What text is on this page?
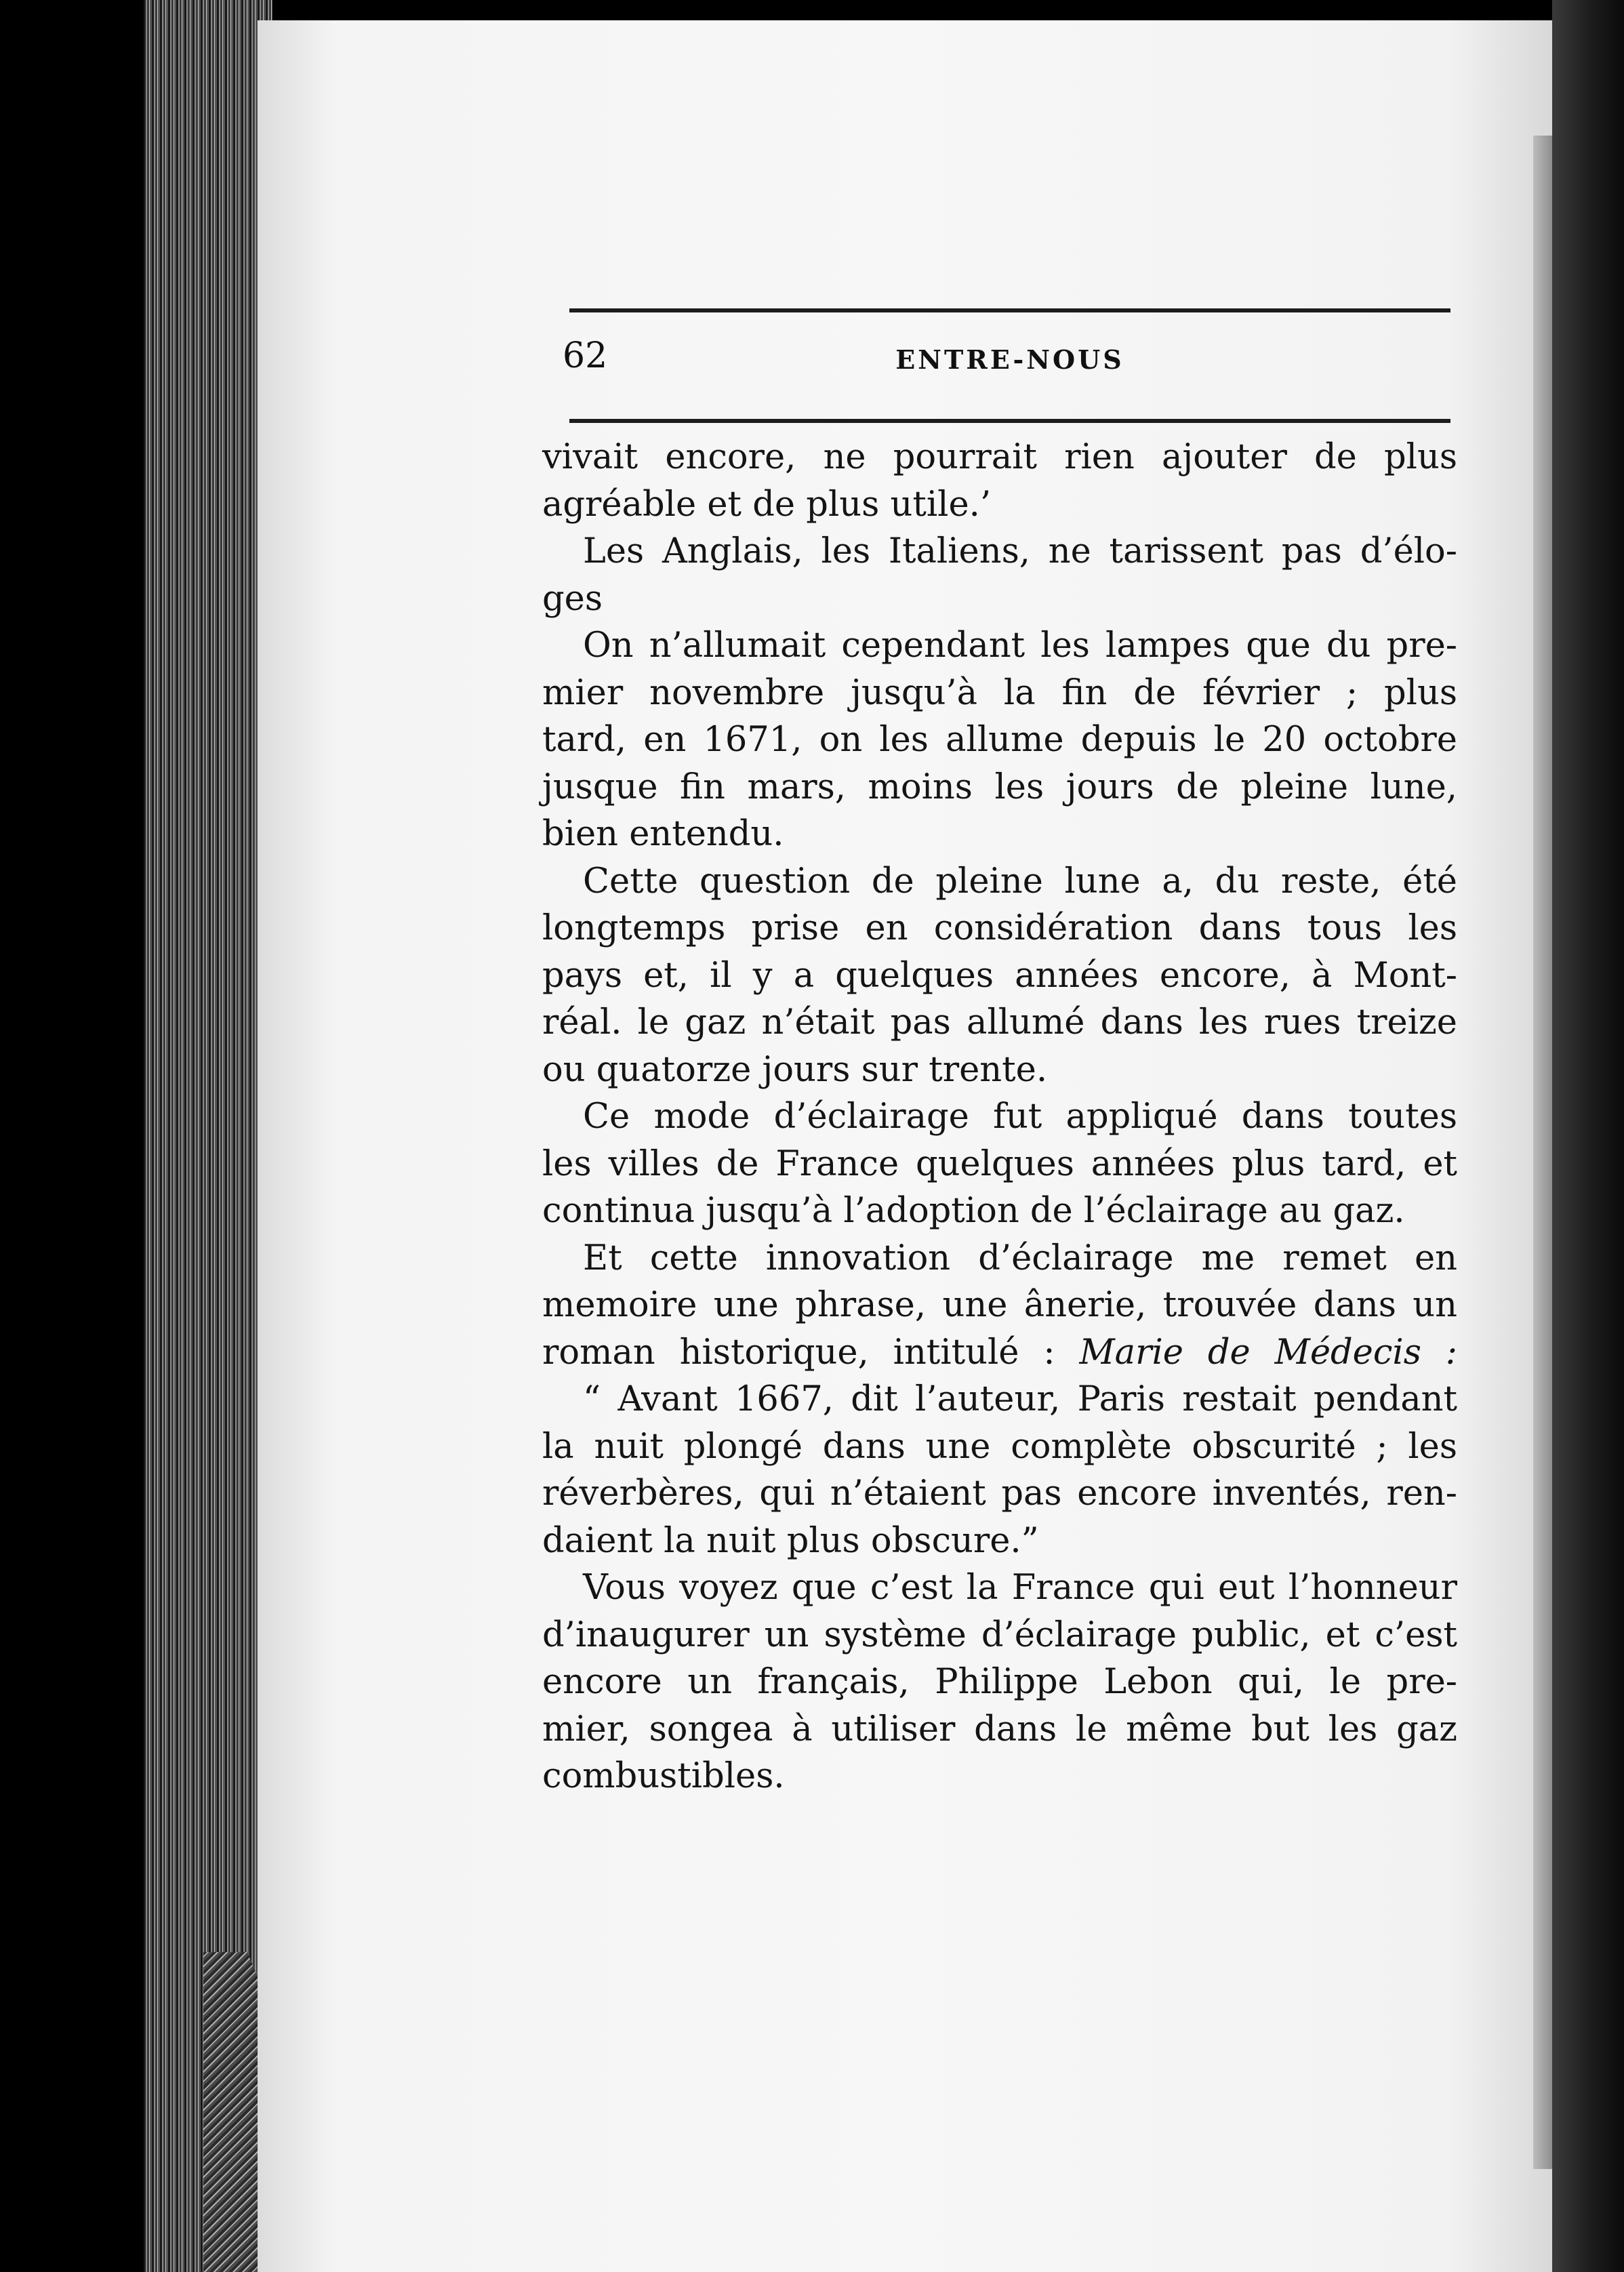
62	ENTRE-NOUS

vivait encore, ne pourrait rien ajouter de plus
agréable et de plus utile.’

Les Anglais, les Italiens, ne tarissent pas d’élo-
ges

On n’allumait cependant les lampes que du pre-
mier novembre jusqu’à la fin de février ; plus
tard, en 1671, on les allume depuis le 20 octobre
jusque fin mars, moins les jours de pleine lune,
bien entendu.

Cette question de pleine lune a, du reste, été
longtemps prise en considération dans tous les
pays et, il y a quelques années encore, à Mont-
réal. le gaz n’était pas allumé dans les rues treize
ou quatorze jours sur trente.

Ce mode d’éclairage fut appliqué dans toutes
les villes de France quelques années plus tard, et
continua jusqu’à l’adoption de l’éclairage au gaz.

Et cette innovation d’éclairage me remet en
memoire une phrase, une ânerie, trouvée dans un
roman historique, intitulé : Marie de Médecis :

“ Avant 1667, dit l’auteur, Paris restait pendant
la nuit plongé dans une complète obscurité ; les
réverbères, qui n’étaient pas encore inventés, ren-
daient la nuit plus obscure.”

Vous voyez que c’est la France qui eut l’honneur
d’inaugurer un système d’éclairage public, et c’est
encore un français, Philippe Lebon qui, le pre-
mier, songea à utiliser dans le même but les gaz
combustibles.
